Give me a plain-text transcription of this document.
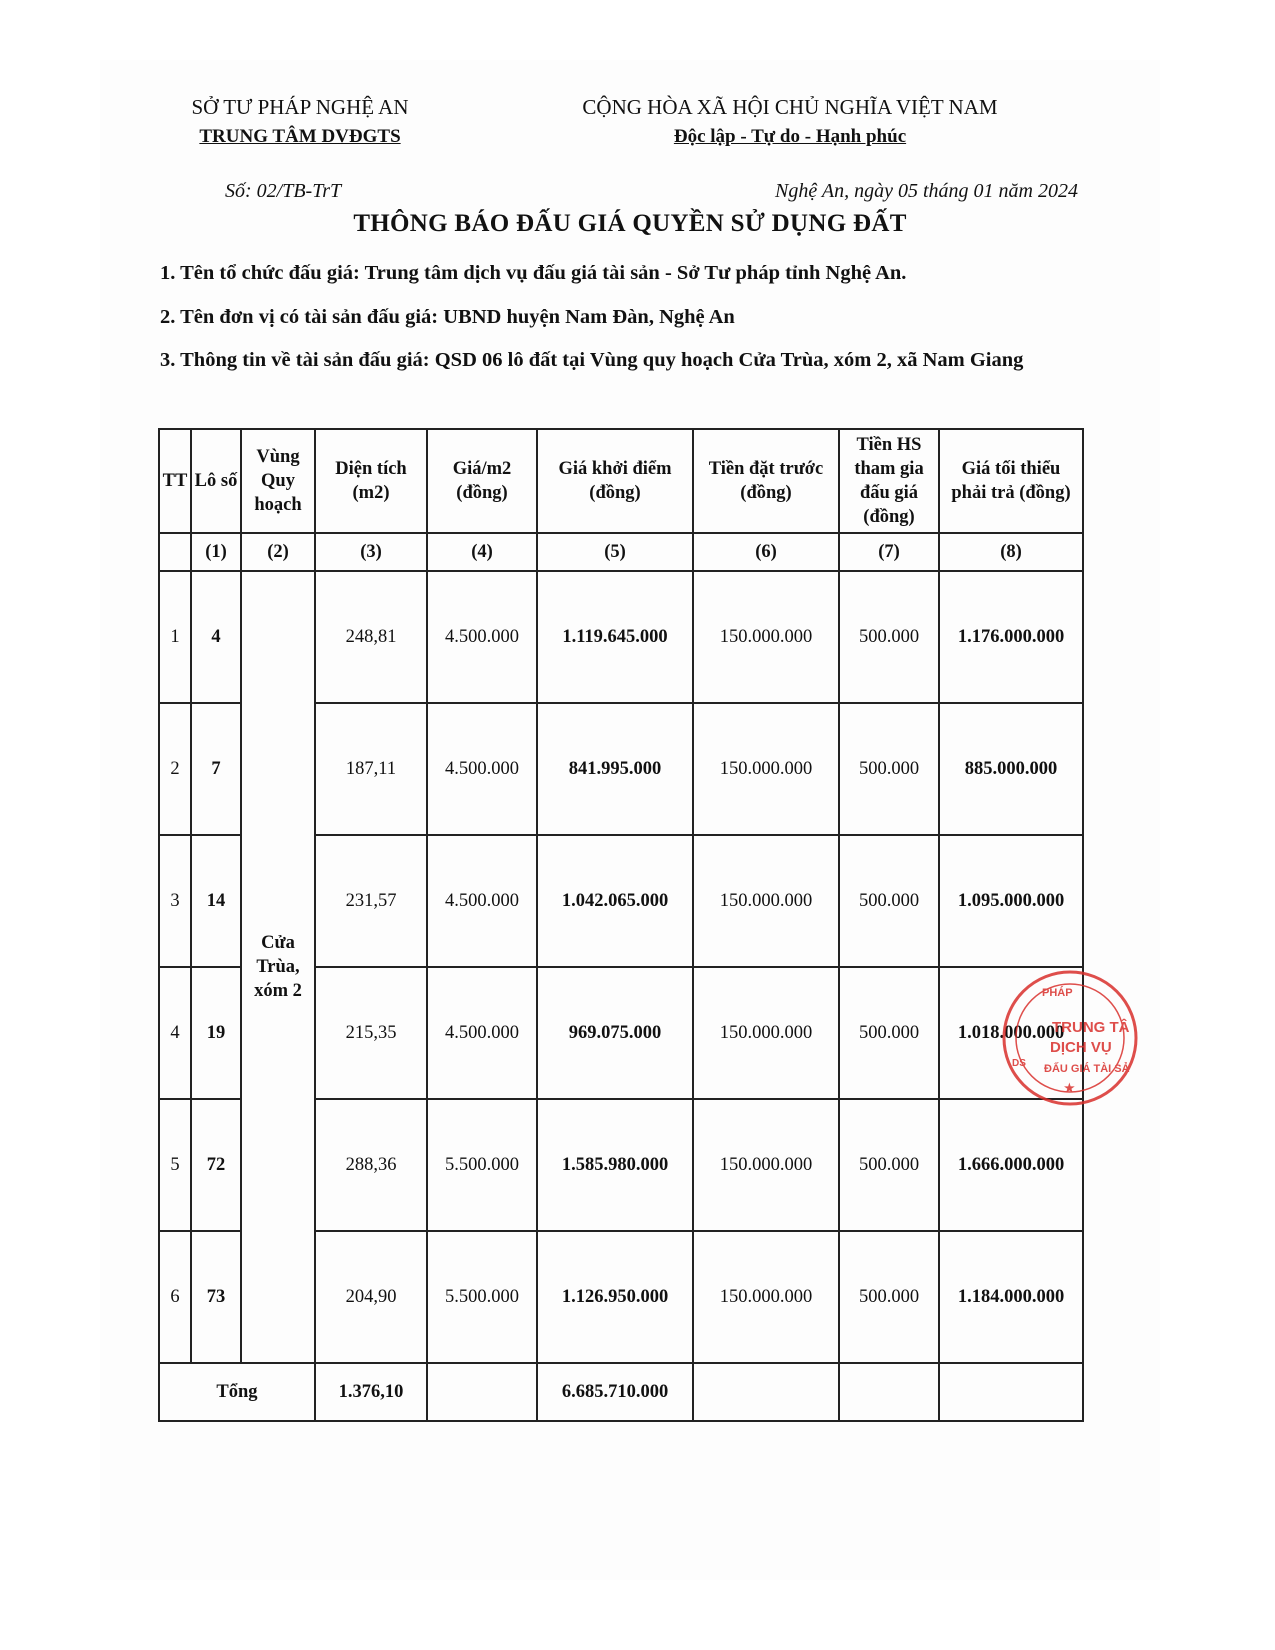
SỞ TƯ PHÁP NGHỆ AN
TRUNG TÂM DVĐGTS
CỘNG HÒA XÃ HỘI CHỦ NGHĨA VIỆT NAM
Độc lập - Tự do - Hạnh phúc
Số: 02/TB-TrT	Nghệ An, ngày 05 tháng 01 năm 2024
THÔNG BÁO ĐẤU GIÁ QUYỀN SỬ DỤNG ĐẤT
1. Tên tổ chức đấu giá: Trung tâm dịch vụ đấu giá tài sản - Sở Tư pháp tỉnh Nghệ An.
2. Tên đơn vị có tài sản đấu giá: UBND huyện Nam Đàn, Nghệ An
3. Thông tin về tài sản đấu giá: QSD 06 lô đất tại Vùng quy hoạch Cửa Trùa, xóm 2, xã Nam Giang
TT	Lô số	Vùng Quy hoạch	Diện tích (m2)	Giá/m2 (đồng)	Giá khởi điểm (đồng)	Tiền đặt trước (đồng)	Tiền HS tham gia đấu giá (đồng)	Giá tối thiểu phải trả (đồng)
	(1)	(2)	(3)	(4)	(5)	(6)	(7)	(8)
1	4	Cửa Trùa, xóm 2	248,81	4.500.000	1.119.645.000	150.000.000	500.000	1.176.000.000
2	7		187,11	4.500.000	841.995.000	150.000.000	500.000	885.000.000
3	14		231,57	4.500.000	1.042.065.000	150.000.000	500.000	1.095.000.000
4	19		215,35	4.500.000	969.075.000	150.000.000	500.000	1.018.000.000
5	72		288,36	5.500.000	1.585.980.000	150.000.000	500.000	1.666.000.000
6	73		204,90	5.500.000	1.126.950.000	150.000.000	500.000	1.184.000.000
Tổng			1.376,10		6.685.710.000			
PHÁP
TRUNG TÂ
DỊCH VỤ
ĐẤU GIÁ TÀI SẢ
DS
★
